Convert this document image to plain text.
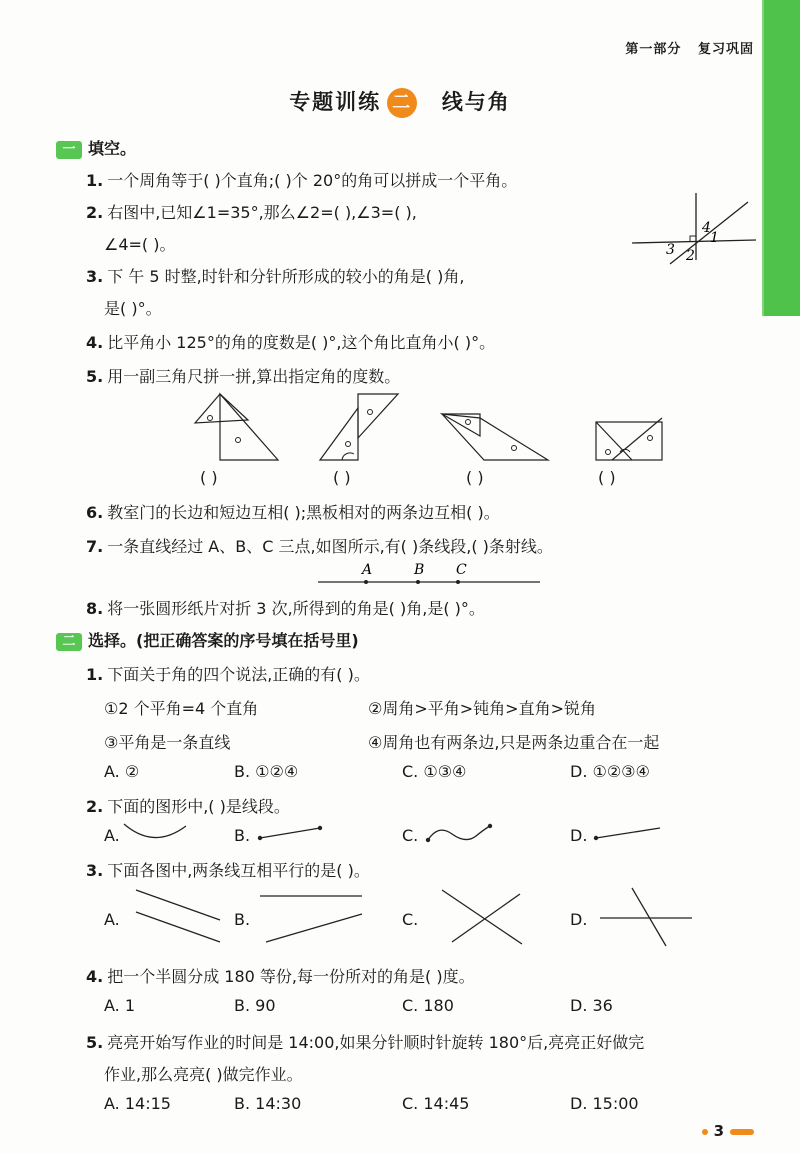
第一部分 复习巩固
专题训练 二 线与角
一 填空。
1. 一个周角等于( )个直角;( )个 20°的角可以拼成一个平角。
2. 右图中,已知∠1=35°,那么∠2=( ),∠3=( ),
∠4=( )。
4
1
3 2
3. 下 午 5 时整,时针和分针所形成的较小的角是( )角,
是( )°。
4. 比平角小 125°的角的度数是( )°,这个角比直角小( )°。
5. 用一副三角尺拼一拼,算出指定角的度数。
( )	( )	( )	( )
6. 教室门的长边和短边互相( );黑板相对的两条边互相( )。
7. 一条直线经过 A、B、C 三点,如图所示,有( )条线段,( )条射线。
A	B C
8. 将一张圆形纸片对折 3 次,所得到的角是( )角,是( )°。
二 选择。(把正确答案的序号填在括号里)
1. 下面关于角的四个说法,正确的有( )。
①2 个平角=4 个直角	②周角>平角>钝角>直角>锐角
③平角是一条直线	④周角也有两条边,只是两条边重合在一起
A. ②	B. ①②④	C. ①③④	D. ①②③④
2. 下面的图形中,( )是线段。
A.	B.	C.	D.
3. 下面各图中,两条线互相平行的是( )。
A.	B.	C.	D.
4. 把一个半圆分成 180 等份,每一份所对的角是( )度。
A. 1	B. 90	C. 180	D. 36
5. 亮亮开始写作业的时间是 14:00,如果分针顺时针旋转 180°后,亮亮正好做完
作业,那么亮亮( )做完作业。
A. 14:15	B. 14:30	C. 14:45	D. 15:00
3
